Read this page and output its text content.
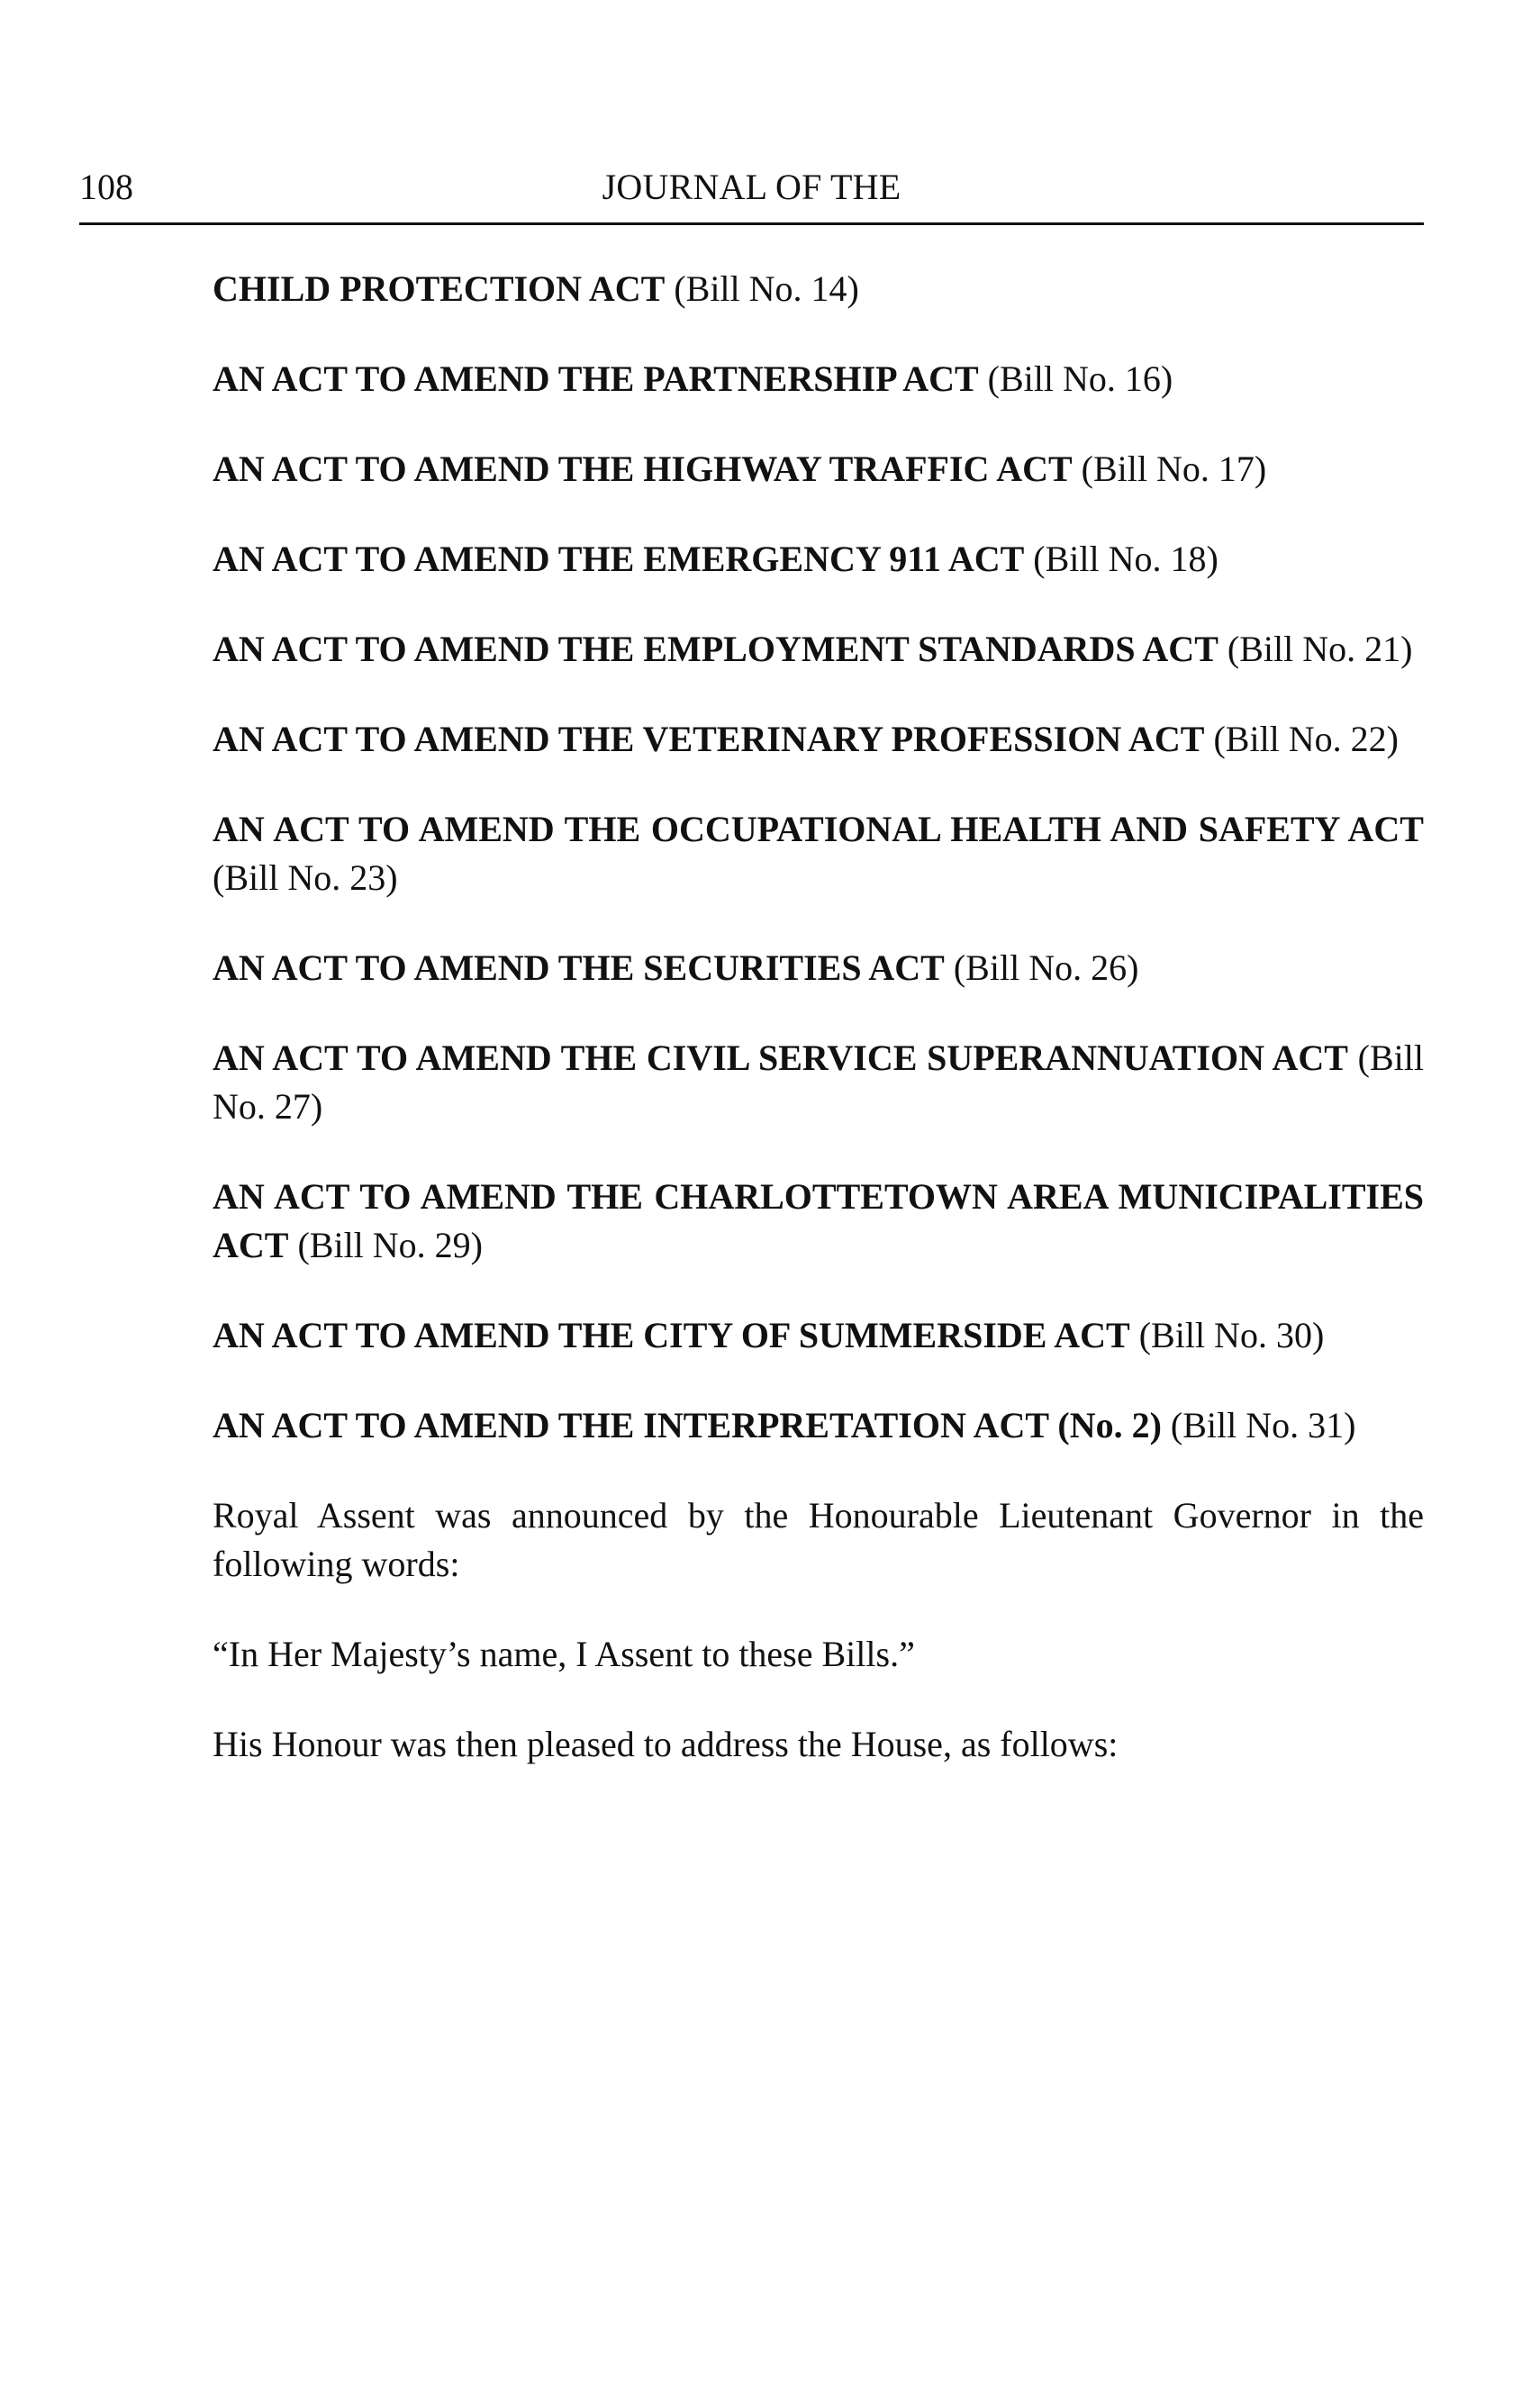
108	JOURNAL OF THE

CHILD PROTECTION ACT (Bill No. 14)

AN ACT TO AMEND THE PARTNERSHIP ACT (Bill No. 16)

AN ACT TO AMEND THE HIGHWAY TRAFFIC ACT (Bill No. 17)

AN ACT TO AMEND THE EMERGENCY 911 ACT (Bill No. 18)

AN ACT TO AMEND THE EMPLOYMENT STANDARDS ACT (Bill No. 21)

AN ACT TO AMEND THE VETERINARY PROFESSION ACT (Bill No. 22)

AN ACT TO AMEND THE OCCUPATIONAL HEALTH AND SAFETY ACT (Bill No. 23)

AN ACT TO AMEND THE SECURITIES ACT (Bill No. 26)

AN ACT TO AMEND THE CIVIL SERVICE SUPERANNUATION ACT (Bill No. 27)

AN ACT TO AMEND THE CHARLOTTETOWN AREA MUNICIPALITIES ACT (Bill No. 29)

AN ACT TO AMEND THE CITY OF SUMMERSIDE ACT (Bill No. 30)

AN ACT TO AMEND THE INTERPRETATION ACT (No. 2) (Bill No. 31)

Royal Assent was announced by the Honourable Lieutenant Governor in the following words:

“In Her Majesty’s name, I Assent to these Bills.”

His Honour was then pleased to address the House, as follows:
